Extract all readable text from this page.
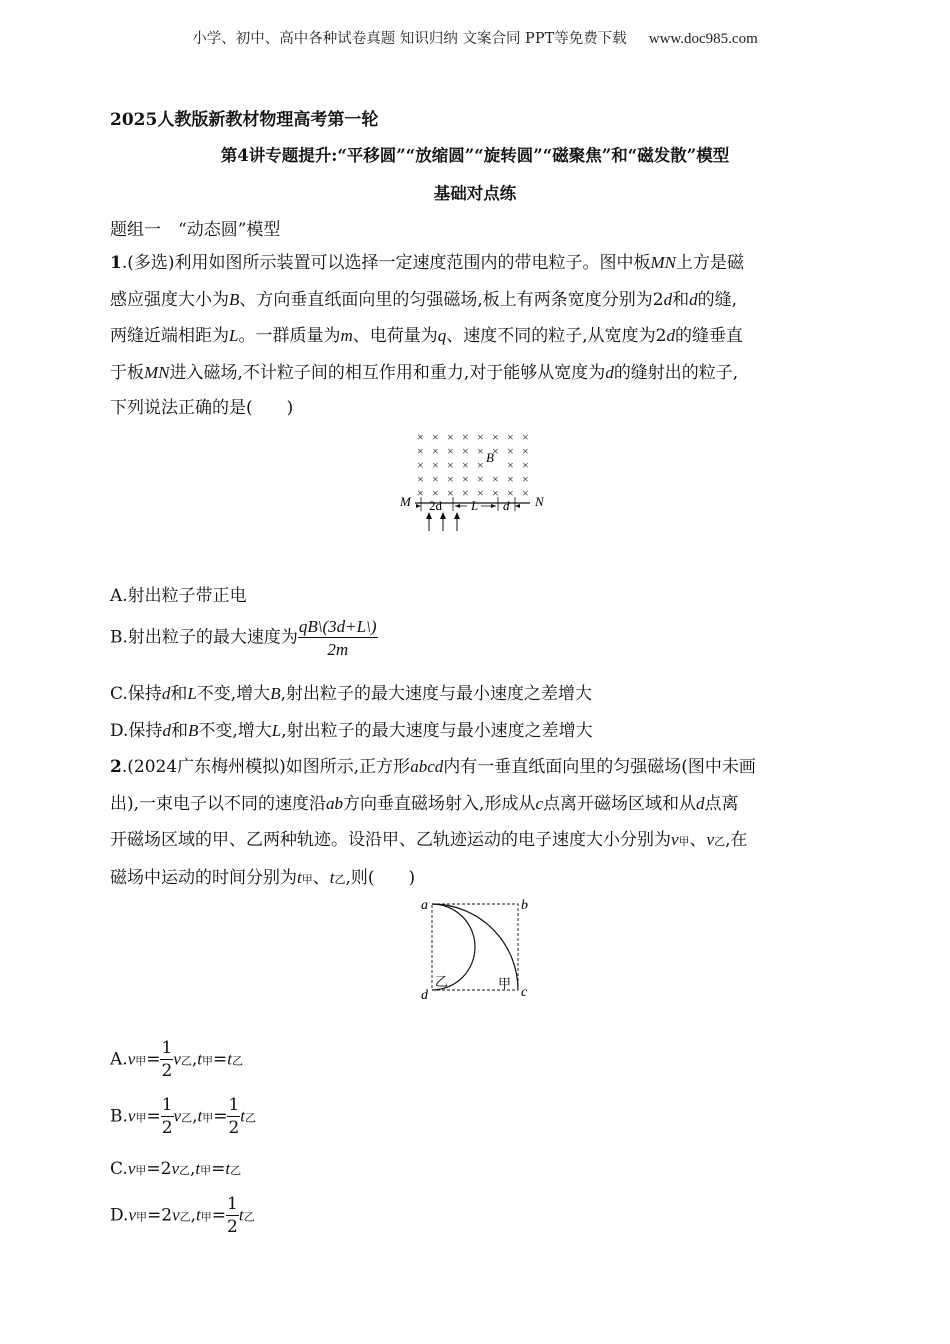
小学、初中、高中各种试卷真题 知识归纳 文案合同 PPT等免费下载 www.doc985.com
2025人教版新教材物理高考第一轮
第4讲专题提升:“平移圆”“放缩圆”“旋转圆”“磁聚焦”和“磁发散”模型
基础对点练
题组一　“动态圆”模型
1.(多选)利用如图所示装置可以选择一定速度范围内的带电粒子。图中板MN上方是磁
感应强度大小为B、方向垂直纸面向里的匀强磁场,板上有两条宽度分别为2d和d的缝,
两缝近端相距为L。一群质量为m、电荷量为q、速度不同的粒子,从宽度为2d的缝垂直
于板MN进入磁场,不计粒子间的相互作用和重力,对于能够从宽度为d的缝射出的粒子,
下列说法正确的是(　　)
× × × × × × × ×
× × × × × × × ×
× × × × × × ×
× × × × × × × ×
× × × × × × × ×
B
M	N
2d L d
A.射出粒子带正电
B.射出粒子的最大速度为 $\frac{qB\backslash(3d+L\backslash)}{2m}$
C.保持d和L不变,增大B,射出粒子的最大速度与最小速度之差增大
D.保持d和B不变,增大L,射出粒子的最大速度与最小速度之差增大
2.(2024广东梅州模拟)如图所示,正方形abcd内有一垂直纸面向里的匀强磁场(图中未画
出),一束电子以不同的速度沿ab方向垂直磁场射入,形成从c点离开磁场区域和从d点离
开磁场区域的甲、乙两种轨迹。设沿甲、乙轨迹运动的电子速度大小分别为v甲、v乙,在
磁场中运动的时间分别为t甲、t乙,则(　　)
a	b
c
d
乙	甲
A.v甲= $\frac{1}{2}$ v乙,t甲=t乙
B.v甲= $\frac{1}{2}$ v乙,t甲= $\frac{1}{2}$ t乙
C.v甲=2v乙,t甲=t乙
D.v甲=2v乙,t甲= $\frac{1}{2}$ t乙
